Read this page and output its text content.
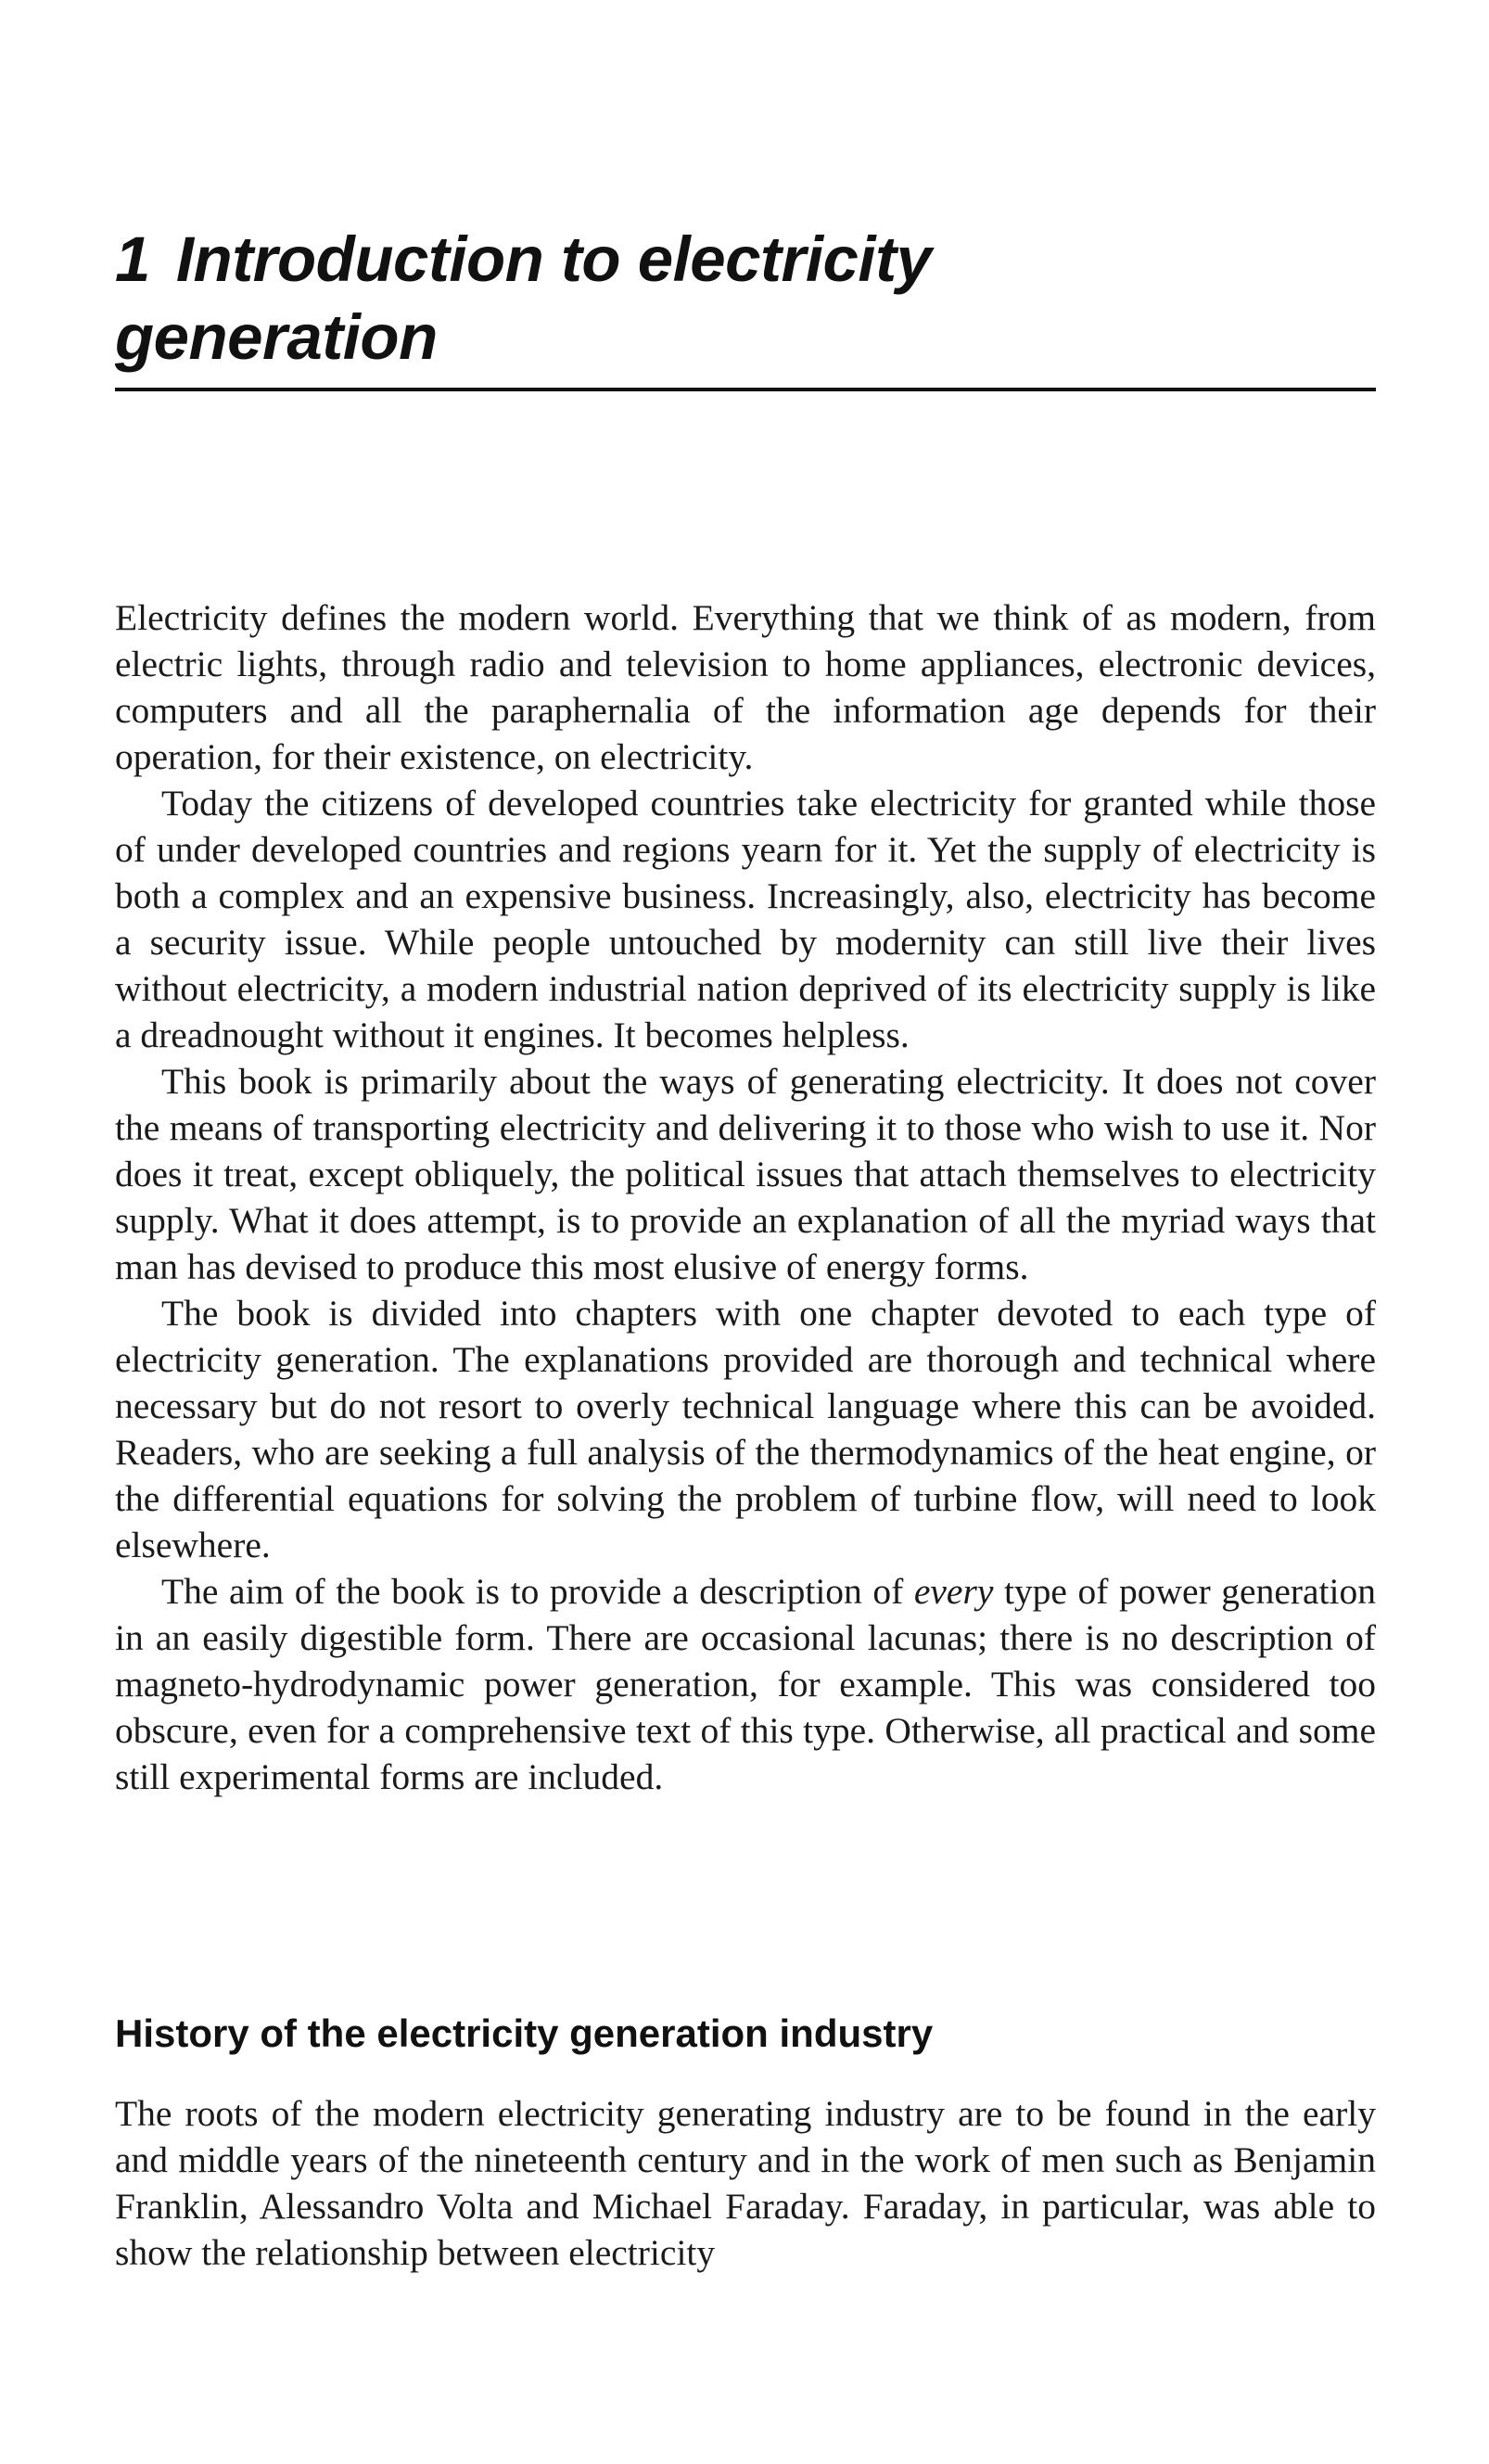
1 Introduction to electricity
generation

Electricity defines the modern world. Everything that we think of as modern, from electric lights, through radio and television to home appliances, electronic devices, computers and all the paraphernalia of the information age depends for their operation, for their existence, on electricity.

Today the citizens of developed countries take electricity for granted while those of under developed countries and regions yearn for it. Yet the supply of electricity is both a complex and an expensive business. Increasingly, also, electricity has become a security issue. While people untouched by modernity can still live their lives without electricity, a modern industrial nation deprived of its electricity supply is like a dreadnought without it engines. It becomes helpless.

This book is primarily about the ways of generating electricity. It does not cover the means of transporting electricity and delivering it to those who wish to use it. Nor does it treat, except obliquely, the political issues that attach themselves to electricity supply. What it does attempt, is to provide an explanation of all the myriad ways that man has devised to produce this most elusive of energy forms.

The book is divided into chapters with one chapter devoted to each type of electricity generation. The explanations provided are thorough and technical where necessary but do not resort to overly technical language where this can be avoided. Readers, who are seeking a full analysis of the thermodynamics of the heat engine, or the differential equations for solving the problem of turbine flow, will need to look elsewhere.

The aim of the book is to provide a description of every type of power generation in an easily digestible form. There are occasional lacunas; there is no description of magneto-hydrodynamic power generation, for example. This was considered too obscure, even for a comprehensive text of this type. Otherwise, all practical and some still experimental forms are included.

History of the electricity generation industry

The roots of the modern electricity generating industry are to be found in the early and middle years of the nineteenth century and in the work of men such as Benjamin Franklin, Alessandro Volta and Michael Faraday. Faraday, in particular, was able to show the relationship between electricity
